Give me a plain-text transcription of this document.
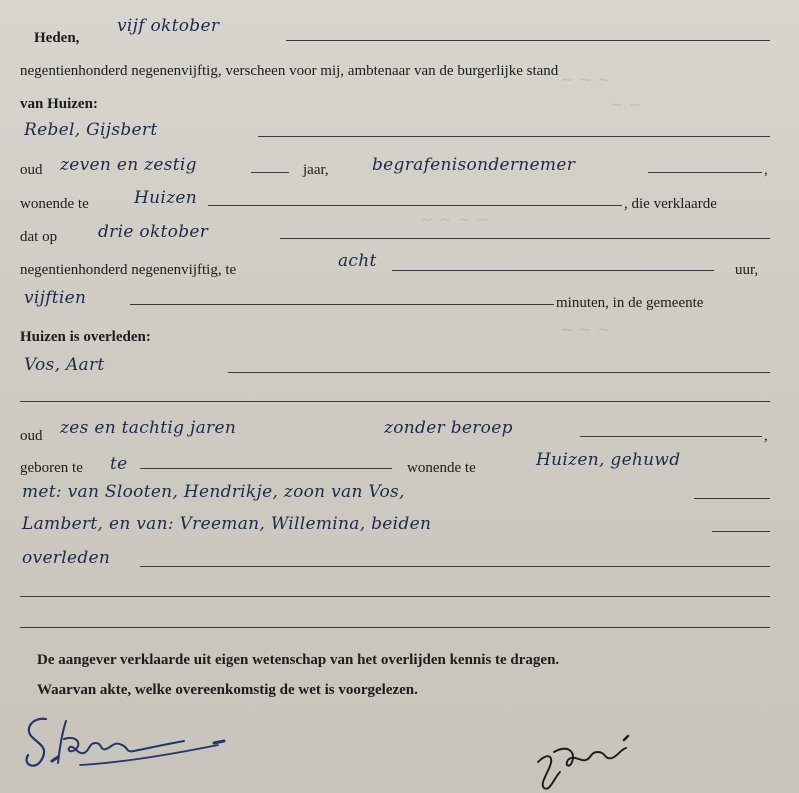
~ ~ ~
~ ~
~ ~ ~ ~
~ ~ ~
Heden,
vijf oktober
negentienhonderd negenenvijftig, verscheen voor mij, ambtenaar van de burgerlijke stand
van Huizen:
Rebel, Gijsbert
oud zeven en zestig	jaar,	begrafenisondernemer	,
wonende te	Huizen	, die verklaarde
dat op drie oktober
negentienhonderd negenenvijftig, te	acht	uur,
vijftien	minuten, in de gemeente
Huizen is overleden:
Vos, Aart
oud zes en tachtig jaren	zonder beroep	,
geboren te te	wonende te	Huizen, gehuwd
met: van Slooten, Hendrikje, zoon van Vos,
Lambert, en van: Vreeman, Willemina, beiden
overleden
De aangever verklaarde uit eigen wetenschap van het overlijden kennis te dragen.
Waarvan akte, welke overeenkomstig de wet is voorgelezen.
